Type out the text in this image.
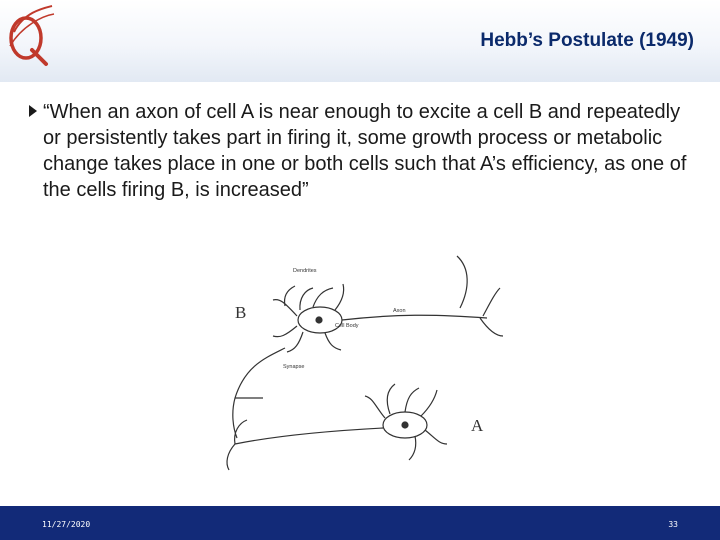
Hebb’s Postulate (1949)

“When an axon of cell A is near enough to excite a cell B and repeatedly or persistently takes part in firing it, some growth process or metabolic change takes place in one or both cells such that A’s efficiency, as one of the cells firing B, is increased”

B
A
Dendrites
Axon
Cell Body
Synapse
11/27/2020	33
